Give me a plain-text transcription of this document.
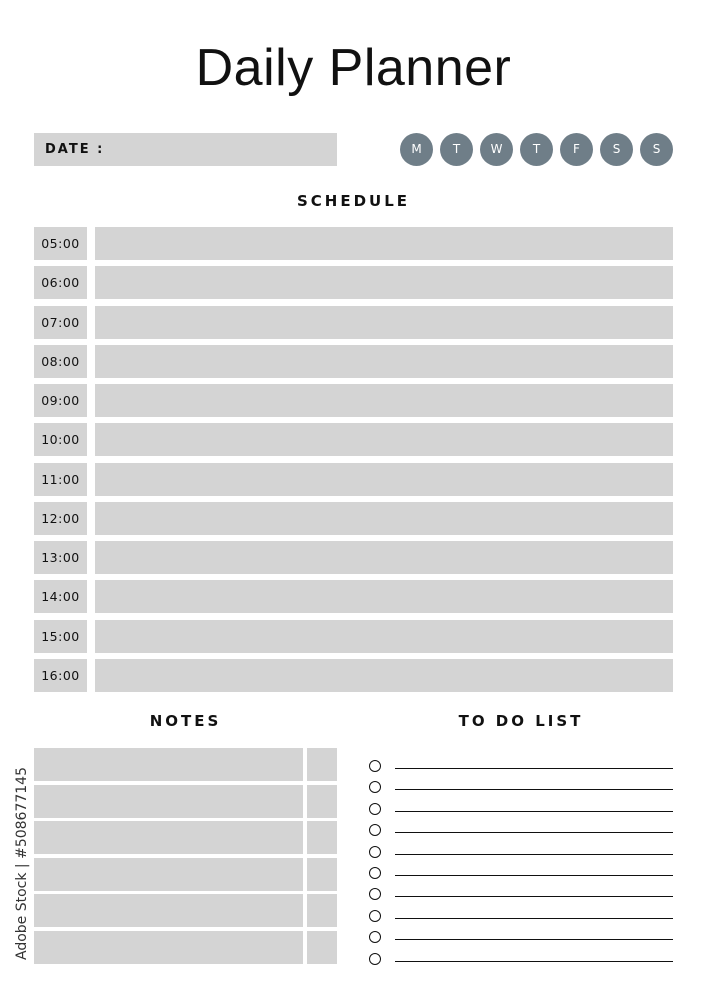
Daily Planner
DATE :	M	T	W	T	F	S	S
SCHEDULE
05:00
06:00
07:00
08:00
09:00
10:00
11:00
12:00
13:00
14:00
15:00
16:00
NOTES	TO DO LIST
Adobe Stock | #508677145
